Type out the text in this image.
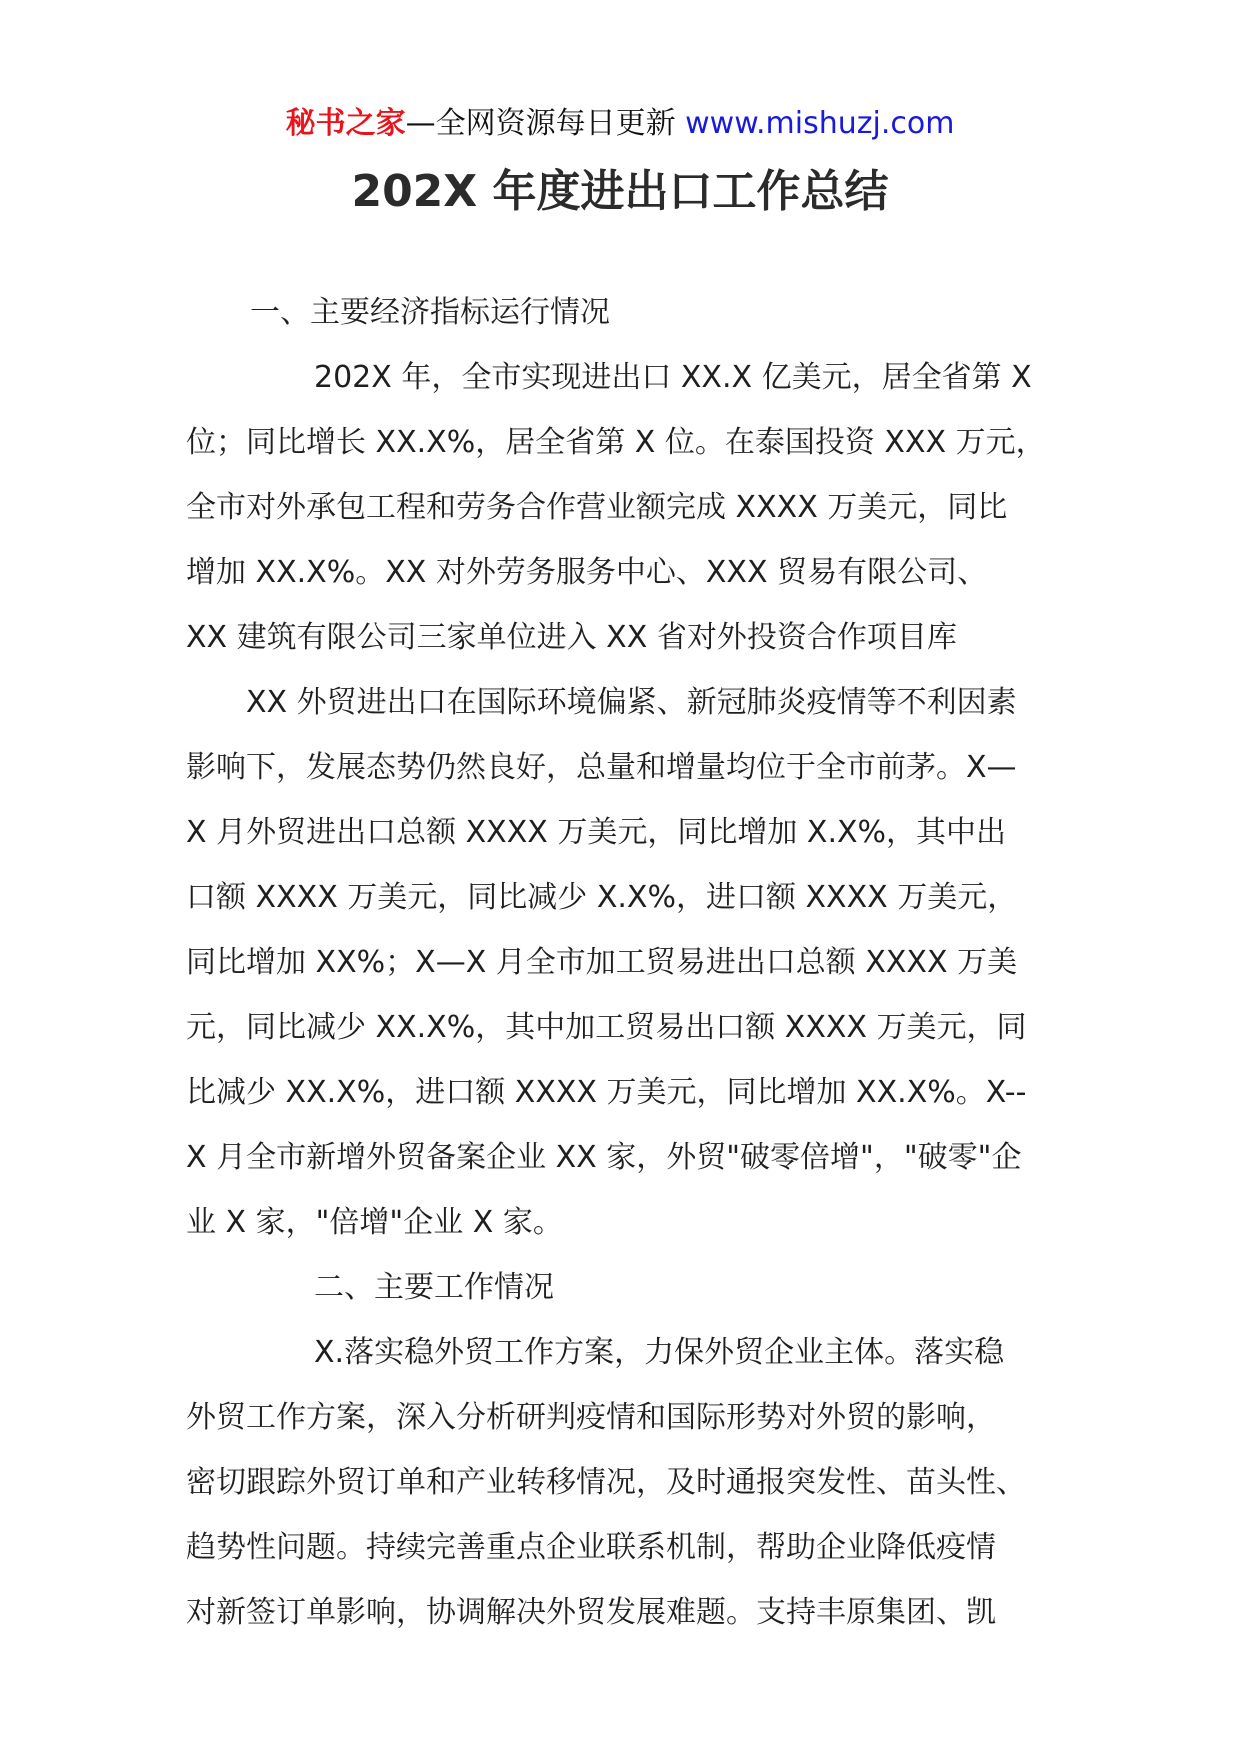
秘书之家—全网资源每日更新 www.mishuzj.com
202X 年度进出口工作总结
一、主要经济指标运行情况
202X 年，全市实现进出口 XX.X 亿美元，居全省第 X
位；同比增长 XX.X%，居全省第 X 位。在泰国投资 XXX 万元，
全市对外承包工程和劳务合作营业额完成 XXXX 万美元，同比
增加 XX.X%。XX 对外劳务服务中心、XXX 贸易有限公司、
XX 建筑有限公司三家单位进入 XX 省对外投资合作项目库
XX 外贸进出口在国际环境偏紧、新冠肺炎疫情等不利因素
影响下，发展态势仍然良好，总量和增量均位于全市前茅。X—
X 月外贸进出口总额 XXXX 万美元，同比增加 X.X%，其中出
口额 XXXX 万美元，同比减少 X.X%，进口额 XXXX 万美元，
同比增加 XX%；X—X 月全市加工贸易进出口总额 XXXX 万美
元，同比减少 XX.X%，其中加工贸易出口额 XXXX 万美元，同
比减少 XX.X%，进口额 XXXX 万美元，同比增加 XX.X%。X--
X 月全市新增外贸备案企业 XX 家，外贸"破零倍增"，"破零"企
业 X 家，"倍增"企业 X 家。
二、主要工作情况
X.落实稳外贸工作方案，力保外贸企业主体。落实稳
外贸工作方案，深入分析研判疫情和国际形势对外贸的影响，
密切跟踪外贸订单和产业转移情况，及时通报突发性、苗头性、
趋势性问题。持续完善重点企业联系机制，帮助企业降低疫情
对新签订单影响，协调解决外贸发展难题。支持丰原集团、凯
